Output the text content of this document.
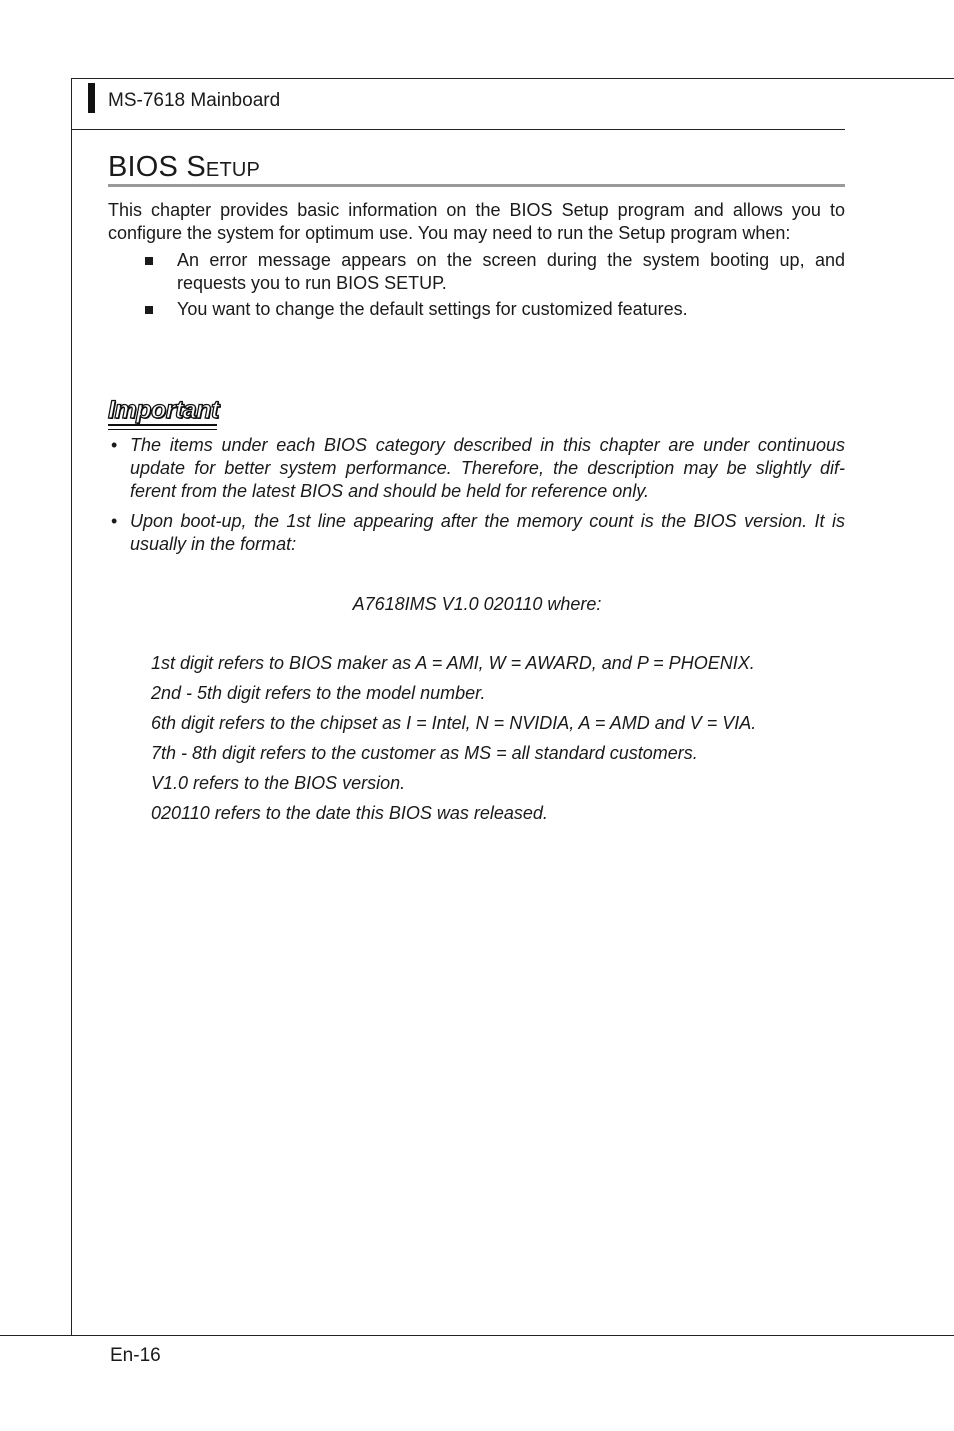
MS-7618 Mainboard
BIOS Setup
This chapter provides basic information on the BIOS Setup program and allows you to configure the system for optimum use. You may need to run the Setup program when:
An error message appears on the screen during the system booting up, and requests you to run BIOS SETUP.
You want to change the default settings for customized features.
Important
• The items under each BIOS category described in this chapter are under continuous update for better system performance. Therefore, the description may be slightly dif-ferent from the latest BIOS and should be held for reference only.
• Upon boot-up, the 1st line appearing after the memory count is the BIOS version. It is usually in the format:
A7618IMS V1.0 020110 where:
1st digit refers to BIOS maker as A = AMI, W = AWARD, and P = PHOENIX.
2nd - 5th digit refers to the model number.
6th digit refers to the chipset as I = Intel, N = NVIDIA, A = AMD and V = VIA.
7th - 8th digit refers to the customer as MS = all standard customers.
V1.0 refers to the BIOS version.
020110 refers to the date this BIOS was released.
En-16
